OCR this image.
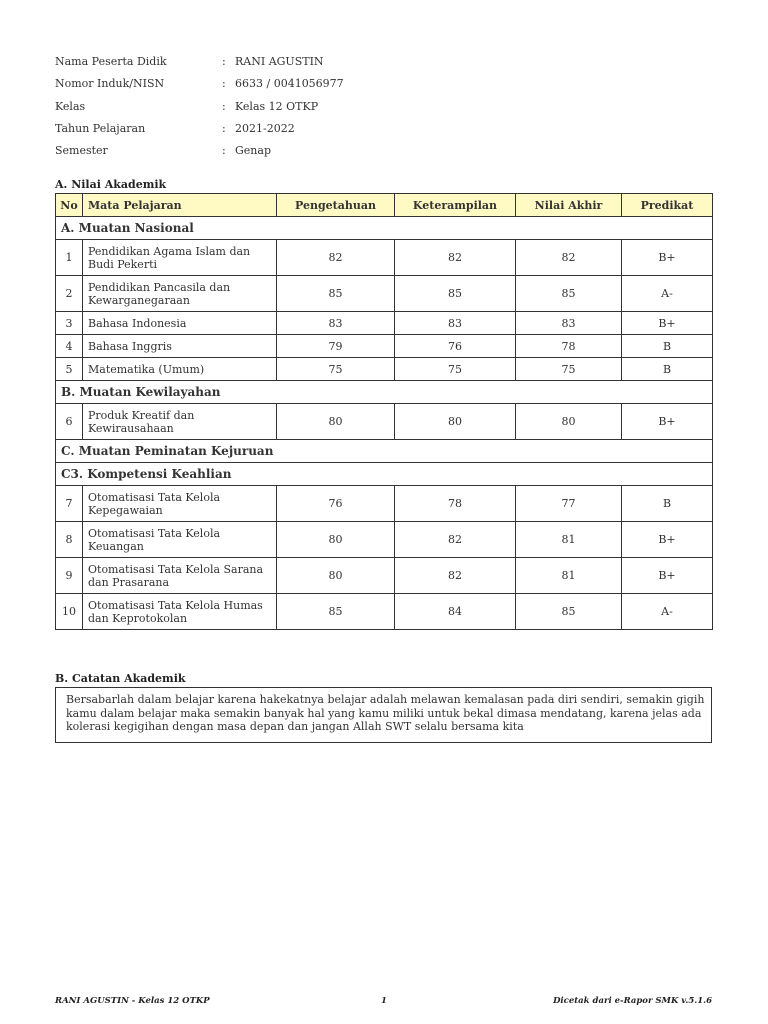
Nama Peserta Didik	: RANI AGUSTIN
Nomor Induk/NISN	: 6633 / 0041056977
Kelas	: Kelas 12 OTKP
Tahun Pelajaran	: 2021-2022
Semester	: Genap
A. Nilai Akademik
No	Mata Pelajaran	Pengetahuan	Keterampilan	Nilai Akhir	Predikat
A. Muatan Nasional					
1	Pendidikan Agama Islam dan Budi Pekerti	82	82	82	B+
2	Pendidikan Pancasila dan Kewarganegaraan	85	85	85	A-
3	Bahasa Indonesia	83	83	83	B+
4	Bahasa Inggris	79	76	78	B
5	Matematika (Umum)	75	75	75	B
B. Muatan Kewilayahan					
6	Produk Kreatif dan Kewirausahaan	80	80	80	B+
C. Muatan Peminatan Kejuruan					
C3. Kompetensi Keahlian					
7	Otomatisasi Tata Kelola Kepegawaian	76	78	77	B
8	Otomatisasi Tata Kelola Keuangan	80	82	81	B+
9	Otomatisasi Tata Kelola Sarana dan Prasarana	80	82	81	B+
10	Otomatisasi Tata Kelola Humas dan Keprotokolan	85	84	85	A-
B. Catatan Akademik
Bersabarlah dalam belajar karena hakekatnya belajar adalah melawan kemalasan pada diri sendiri, semakin gigih kamu dalam belajar maka semakin banyak hal yang kamu miliki untuk bekal dimasa mendatang, karena jelas ada kolerasi kegigihan dengan masa depan dan jangan Allah SWT selalu bersama kita
RANI AGUSTIN - Kelas 12 OTKP	1	Dicetak dari e-Rapor SMK v.5.1.6
